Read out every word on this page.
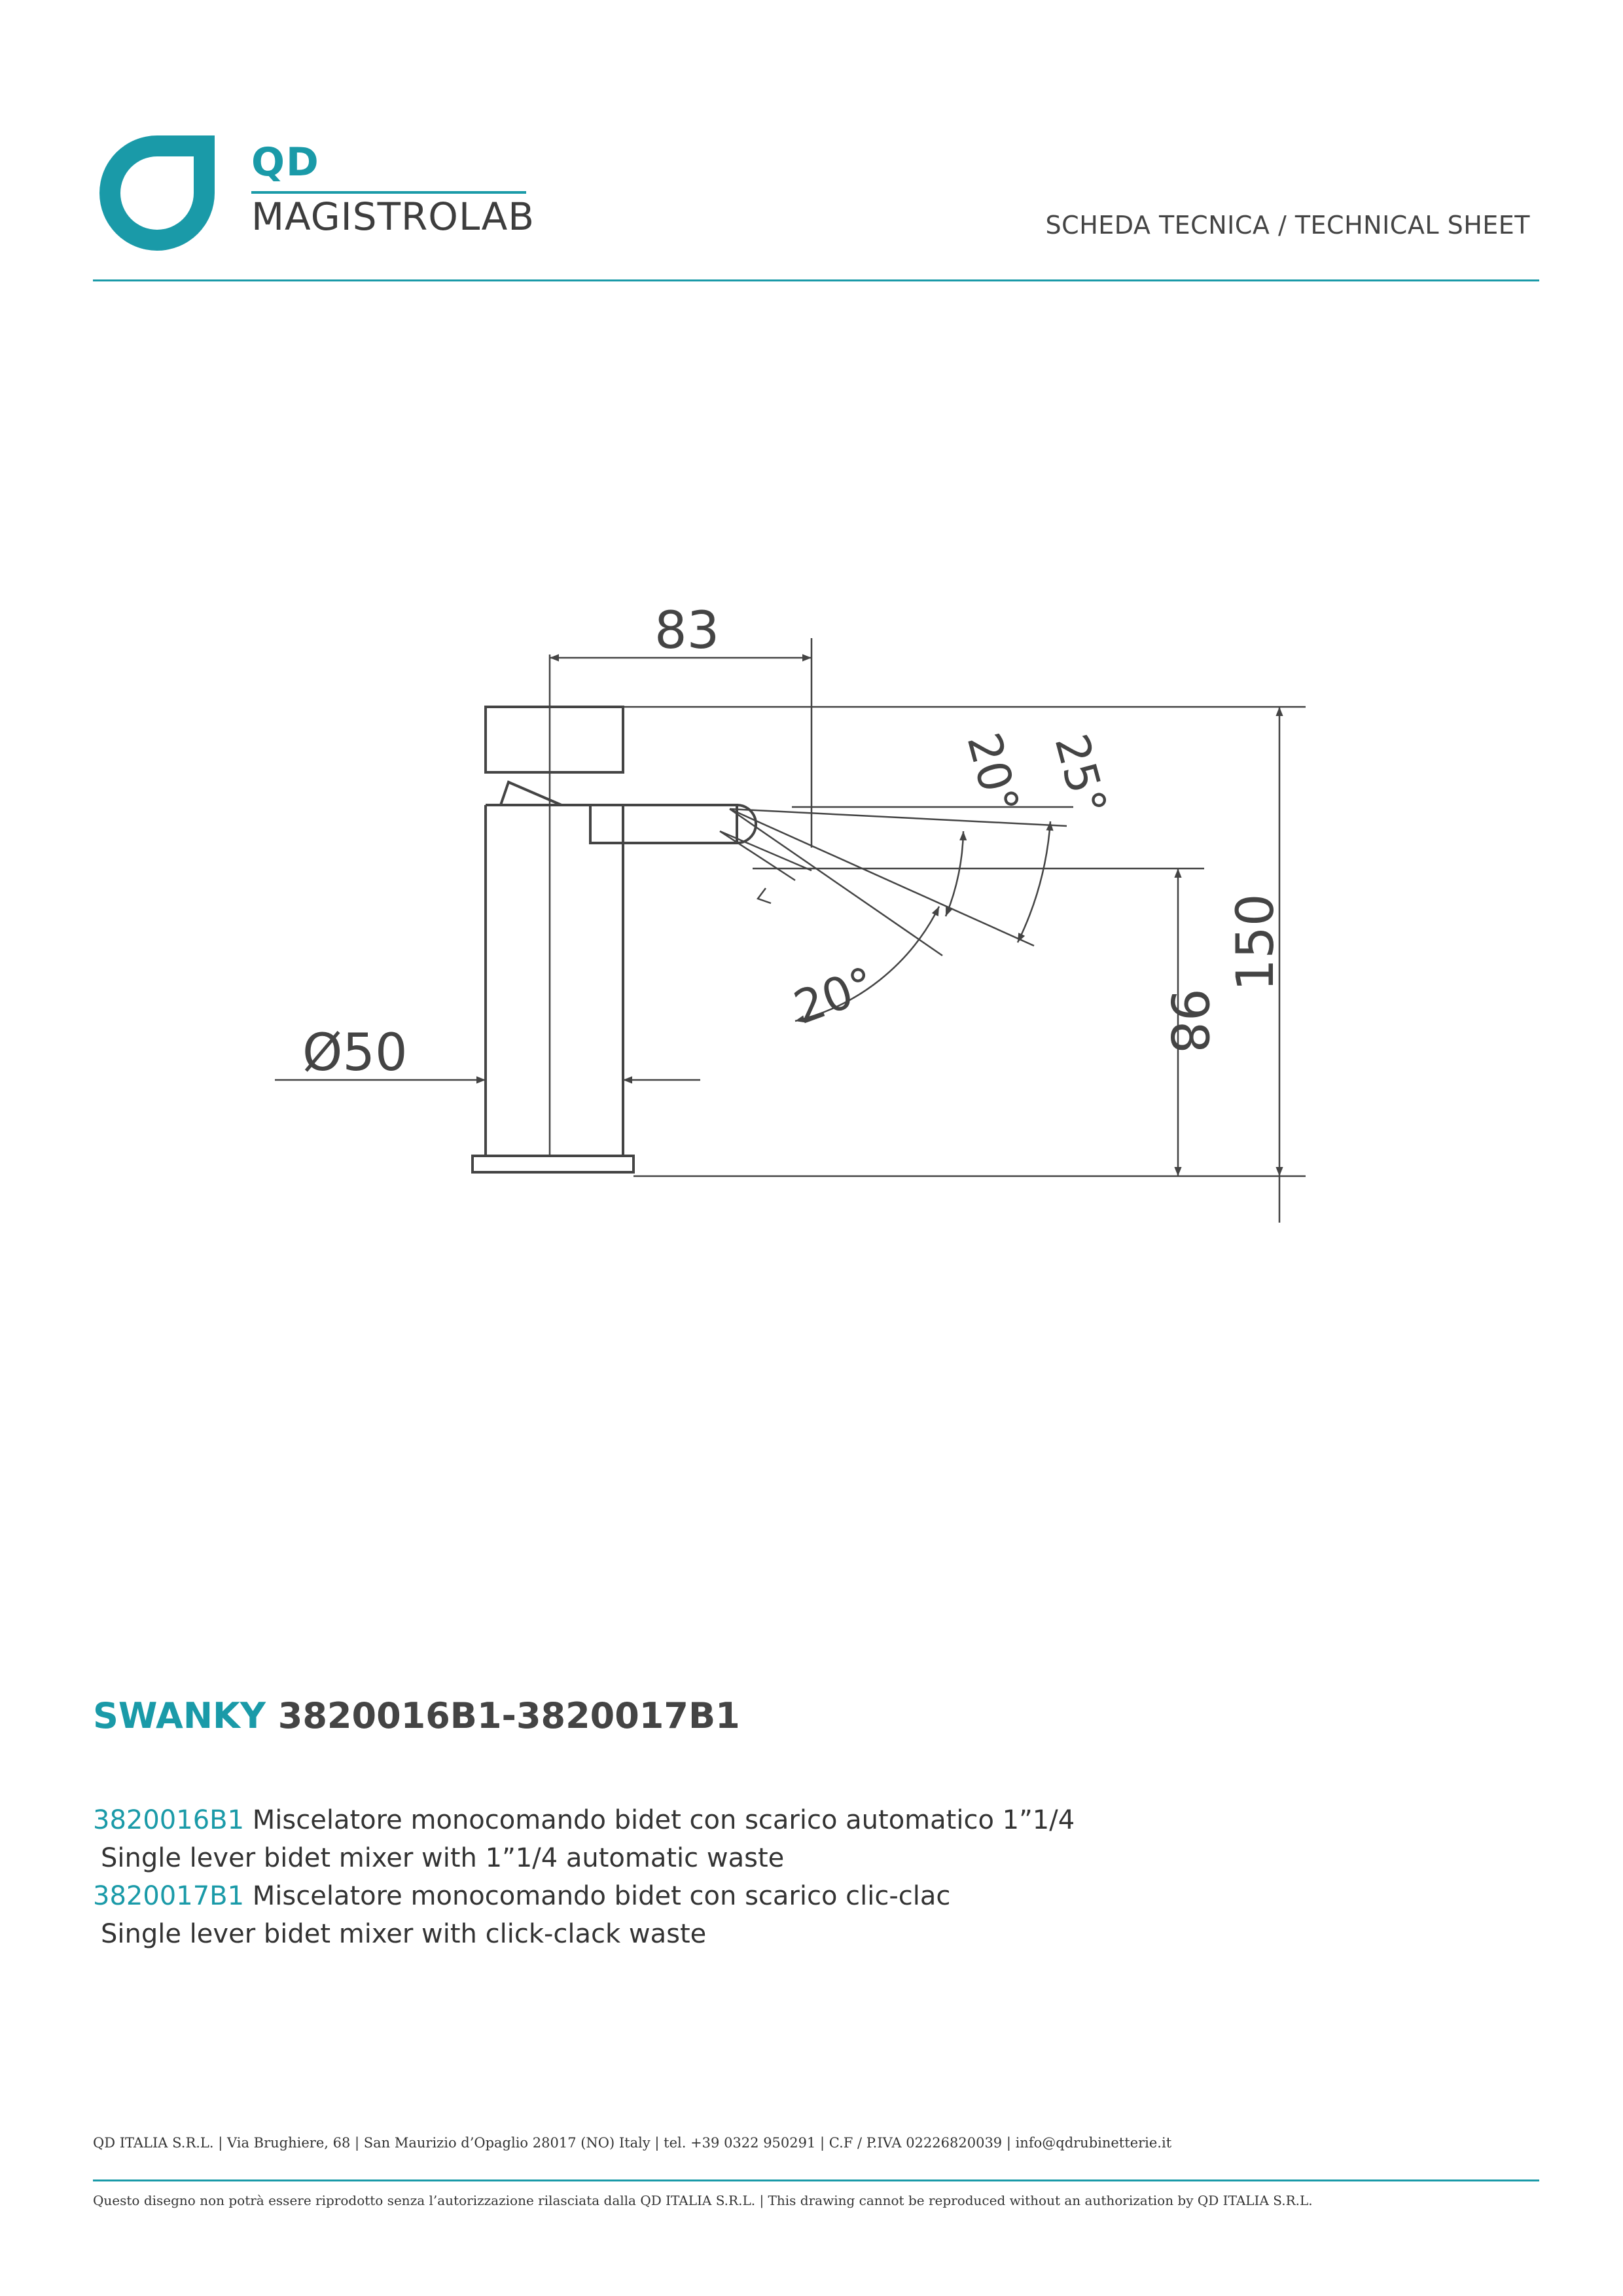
QD
MAGISTROLAB	SCHEDA TECNICA / TECHNICAL SHEET
83
Ø50
150
98
20° 25°
20°
SWANKY 3820016B1-3820017B1
3820016B1 Miscelatore monocomando bidet con scarico automatico 1”1/4
Single lever bidet mixer with 1”1/4 automatic waste
3820017B1 Miscelatore monocomando bidet con scarico clic-clac
Single lever bidet mixer with click-clack waste
QD ITALIA S.R.L. | Via Brughiere, 68 | San Maurizio d’Opaglio 28017 (NO) Italy | tel. +39 0322 950291 | C.F / P.IVA 02226820039 | info@qdrubinetterie.it
Questo disegno non potrà essere riprodotto senza l’autorizzazione rilasciata dalla QD ITALIA S.R.L. | This drawing cannot be reproduced without an authorization by QD ITALIA S.R.L.
